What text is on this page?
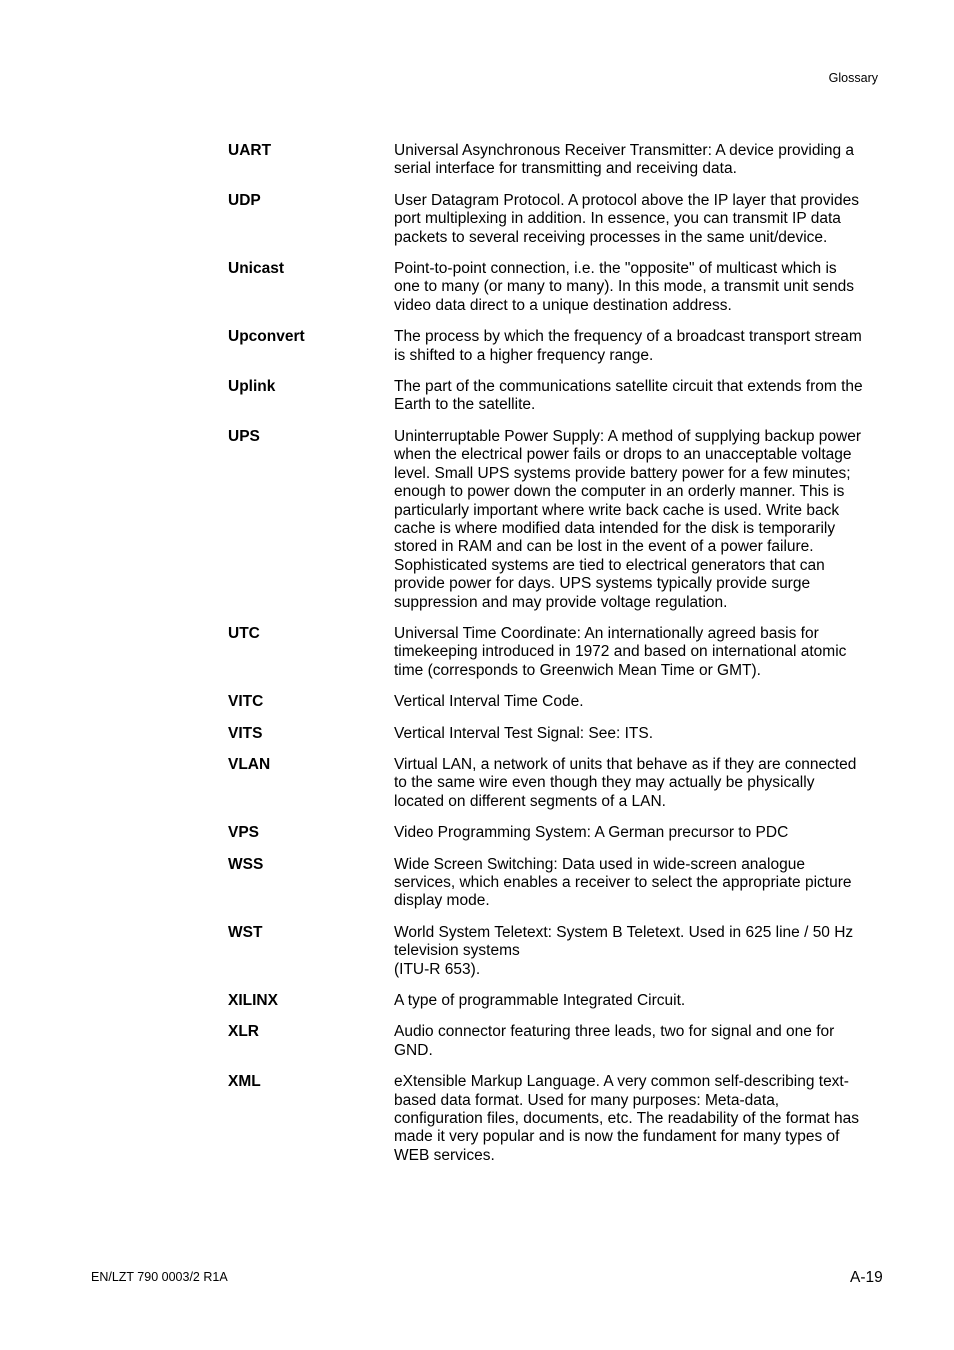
Glossary
UART	Universal Asynchronous Receiver Transmitter: A device providing a
serial interface for transmitting and receiving data.
UDP	User Datagram Protocol. A protocol above the IP layer that provides
port multiplexing in addition. In essence, you can transmit IP data
packets to several receiving processes in the same unit/device.
Unicast	Point-to-point connection, i.e. the "opposite" of multicast which is
one to many (or many to many). In this mode, a transmit unit sends
video data direct to a unique destination address.
Upconvert	The process by which the frequency of a broadcast transport stream
is shifted to a higher frequency range.
Uplink	The part of the communications satellite circuit that extends from the
Earth to the satellite.
UPS	Uninterruptable Power Supply: A method of supplying backup power
when the electrical power fails or drops to an unacceptable voltage
level. Small UPS systems provide battery power for a few minutes;
enough to power down the computer in an orderly manner. This is
particularly important where write back cache is used. Write back
cache is where modified data intended for the disk is temporarily
stored in RAM and can be lost in the event of a power failure.
Sophisticated systems are tied to electrical generators that can
provide power for days. UPS systems typically provide surge
suppression and may provide voltage regulation.
UTC	Universal Time Coordinate: An internationally agreed basis for
timekeeping introduced in 1972 and based on international atomic
time (corresponds to Greenwich Mean Time or GMT).
VITC	Vertical Interval Time Code.
VITS	Vertical Interval Test Signal: See: ITS.
VLAN	Virtual LAN, a network of units that behave as if they are connected
to the same wire even though they may actually be physically
located on different segments of a LAN.
VPS	Video Programming System: A German precursor to PDC
WSS	Wide Screen Switching: Data used in wide-screen analogue
services, which enables a receiver to select the appropriate picture
display mode.
WST	World System Teletext: System B Teletext. Used in 625 line / 50 Hz
television systems
(ITU-R 653).
XILINX	A type of programmable Integrated Circuit.
XLR	Audio connector featuring three leads, two for signal and one for
GND.
XML	eXtensible Markup Language. A very common self-describing text-
based data format. Used for many purposes: Meta-data,
configuration files, documents, etc. The readability of the format has
made it very popular and is now the fundament for many types of
WEB services.
EN/LZT 790 0003/2 R1A	A-19
